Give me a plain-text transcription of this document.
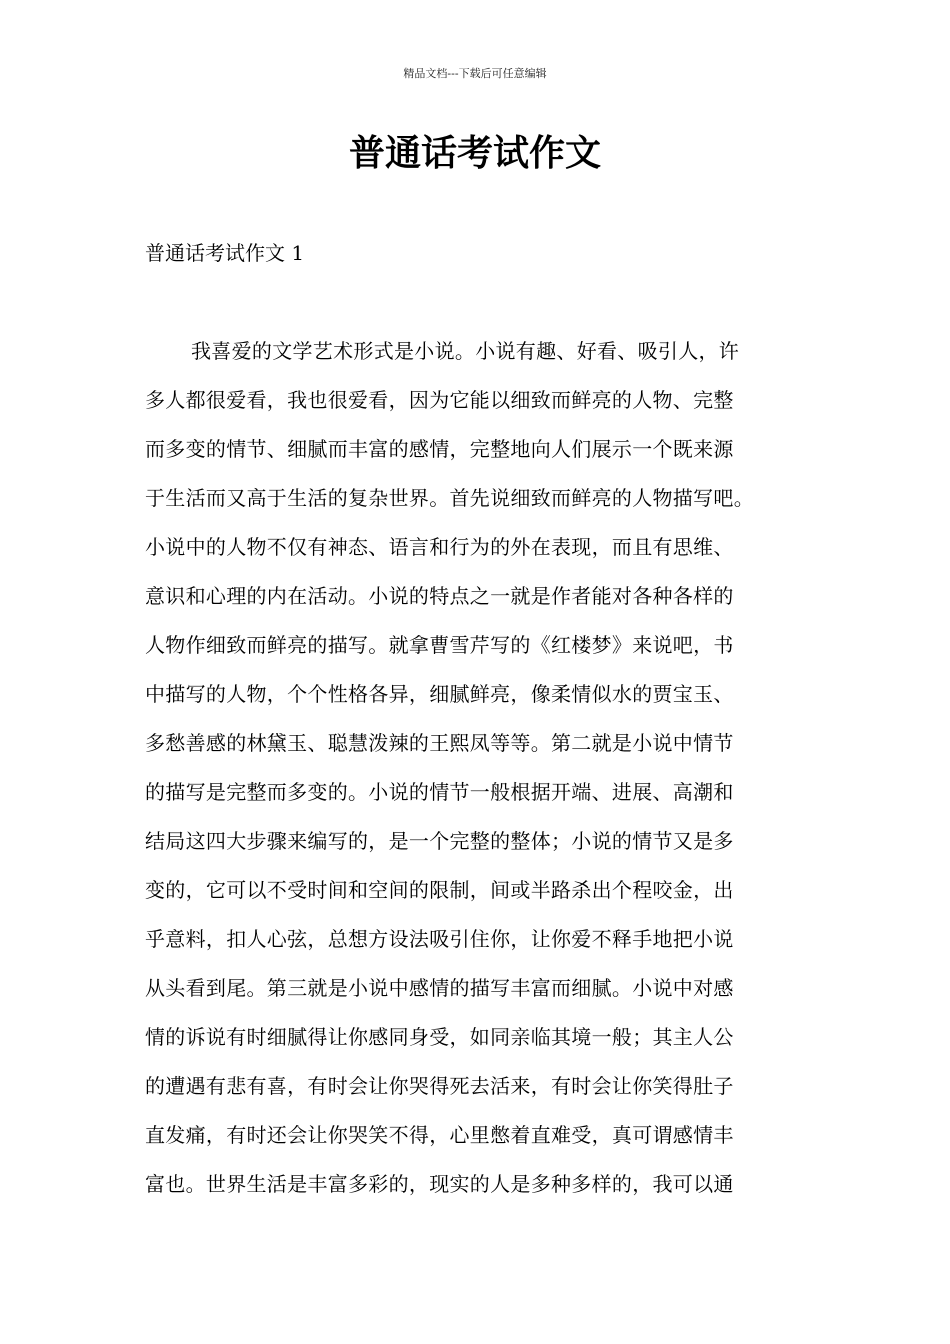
精品文档---下载后可任意编辑
普通话考试作文
普通话考试作文 1
我喜爱的文学艺术形式是小说。小说有趣、好看、吸引人，许
多人都很爱看，我也很爱看，因为它能以细致而鲜亮的人物、完整
而多变的情节、细腻而丰富的感情，完整地向人们展示一个既来源
于生活而又高于生活的复杂世界。首先说细致而鲜亮的人物描写吧。
小说中的人物不仅有神态、语言和行为的外在表现，而且有思维、
意识和心理的内在活动。小说的特点之一就是作者能对各种各样的
人物作细致而鲜亮的描写。就拿曹雪芹写的《红楼梦》来说吧，书
中描写的人物，个个性格各异，细腻鲜亮，像柔情似水的贾宝玉、
多愁善感的林黛玉、聪慧泼辣的王熙凤等等。第二就是小说中情节
的描写是完整而多变的。小说的情节一般根据开端、进展、高潮和
结局这四大步骤来编写的，是一个完整的整体；小说的情节又是多
变的，它可以不受时间和空间的限制，间或半路杀出个程咬金，出
乎意料，扣人心弦，总想方设法吸引住你，让你爱不释手地把小说
从头看到尾。第三就是小说中感情的描写丰富而细腻。小说中对感
情的诉说有时细腻得让你感同身受，如同亲临其境一般；其主人公
的遭遇有悲有喜，有时会让你哭得死去活来，有时会让你笑得肚子
直发痛，有时还会让你哭笑不得，心里憋着直难受，真可谓感情丰
富也。世界生活是丰富多彩的，现实的人是多种多样的，我可以通
